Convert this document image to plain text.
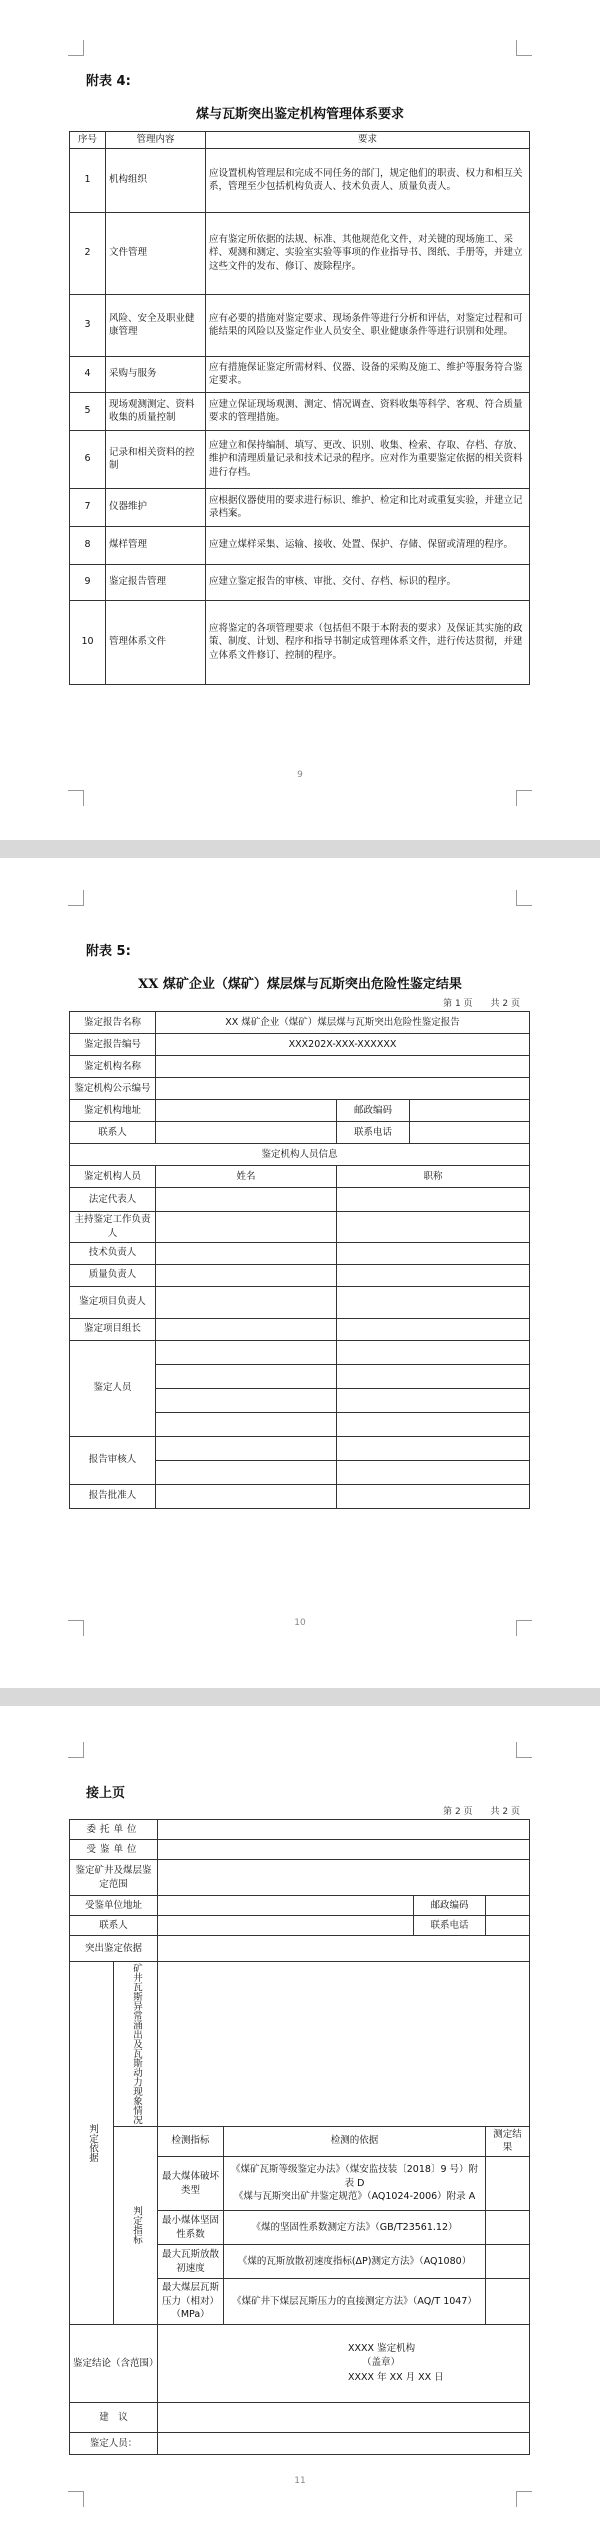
附表 4:
煤与瓦斯突出鉴定机构管理体系要求
序号	管理内容	要求
1	机构组织	应设置机构管理层和完成不同任务的部门，规定他们的职责、权力和相互关系，管理至少包括机构负责人、技术负责人、质量负责人。
2	文件管理	应有鉴定所依据的法规、标准、其他规范化文件，对关键的现场施工、采样、观测和测定、实验室实验等事项的作业指导书、图纸、手册等，并建立这些文件的发布、修订、废除程序。
3	风险、安全及职业健康管理	应有必要的措施对鉴定要求、现场条件等进行分析和评估，对鉴定过程和可能结果的风险以及鉴定作业人员安全、职业健康条件等进行识别和处理。
4	采购与服务	应有措施保证鉴定所需材料、仪器、设备的采购及施工、维护等服务符合鉴定要求。
5	现场观测测定、资料收集的质量控制	应建立保证现场观测、测定、情况调查、资料收集等科学、客观、符合质量要求的管理措施。
6	记录和相关资料的控制	应建立和保持编制、填写、更改、识别、收集、检索、存取、存档、存放、维护和清理质量记录和技术记录的程序。应对作为重要鉴定依据的相关资料进行存档。
7	仪器维护	应根据仪器使用的要求进行标识、维护、检定和比对或重复实验，并建立记录档案。
8	煤样管理	应建立煤样采集、运输、接收、处置、保护、存储、保留或清理的程序。
9	鉴定报告管理	应建立鉴定报告的审核、审批、交付、存档、标识的程序。
10	管理体系文件	应将鉴定的各项管理要求（包括但不限于本附表的要求）及保证其实施的政策、制度、计划、程序和指导书制定成管理体系文件，进行传达贯彻，并建立体系文件修订、控制的程序。
9
附表 5:
XX 煤矿企业（煤矿）煤层煤与瓦斯突出危险性鉴定结果
第 1 页　　共 2 页
鉴定报告名称	XX 煤矿企业（煤矿）煤层煤与瓦斯突出危险性鉴定报告		
鉴定报告编号	XXX202X-XXX-XXXXXX		
鉴定机构名称			
鉴定机构公示编号			
鉴定机构地址		邮政编码	
联系人		联系电话	
鉴定机构人员信息			
鉴定机构人员	姓名	职称	
法定代表人			
主持鉴定工作负责人			
技术负责人			
质量负责人			
鉴定项目负责人			
鉴定项目组长			
鉴定人员			

报告审核人			

报告批准人			
10
接上页
第 2 页　　共 2 页
委托单位					
受鉴单位					
鉴定矿井及煤层鉴定范围					
受鉴单位地址				邮政编码	
联系人				联系电话	
突出鉴定依据					

判定依据	矿井瓦斯异常涌出及瓦斯动力现象情况				

	判定指标	检测指标	检测的依据		测定结果
		最大煤体破坏类型	《煤矿瓦斯等级鉴定办法》（煤安监技装〔2018〕9 号）附表 D
《煤与瓦斯突出矿井鉴定规范》（AQ1024-2006）附录 A		
		最小煤体坚固性系数	《煤的坚固性系数测定方法》（GB/T23561.12）		
		最大瓦斯放散初速度	《煤的瓦斯放散初速度指标(ΔP)测定方法》（AQ1080）		
		最大煤层瓦斯压力（相对）（MPa）	《煤矿井下煤层瓦斯压力的直接测定方法》（AQ/T 1047）		
鉴定结论（含范围）		XXXX 鉴定机构
（盖章）
XXXX 年 XX 月 XX 日			

建　议					
鉴定人员：					
11
